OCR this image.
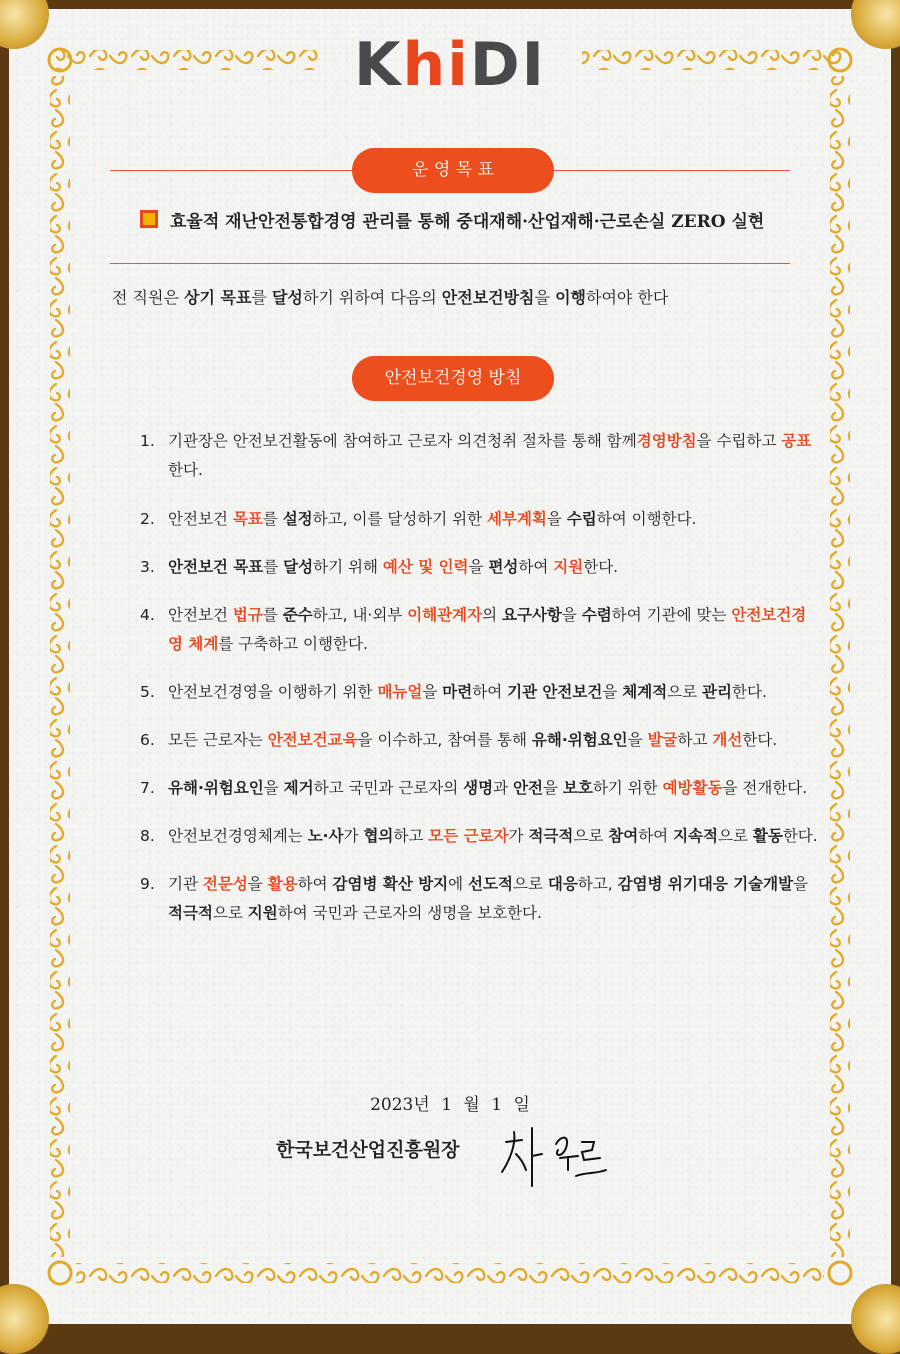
KhiDI
운 영 목 표
효율적 재난안전통합경영 관리를 통해 중대재해·산업재해·근로손실 ZERO 실현
전 직원은 상기 목표를 달성하기 위하여 다음의 안전보건방침을 이행하여야 한다
안전보건경영 방침
1. 기관장은 안전보건활동에 참여하고 근로자 의견청취 절차를 통해 함께경영방침을 수립하고 공표한다.
2. 안전보건 목표를 설정하고, 이를 달성하기 위한 세부계획을 수립하여 이행한다.
3. 안전보건 목표를 달성하기 위해 예산 및 인력을 편성하여 지원한다.
4. 안전보건 법규를 준수하고, 내·외부 이해관계자의 요구사항을 수렴하여 기관에 맞는 안전보건경영 체계를 구축하고 이행한다.
5. 안전보건경영을 이행하기 위한 매뉴얼을 마련하여 기관 안전보건을 체계적으로 관리한다.
6. 모든 근로자는 안전보건교육을 이수하고, 참여를 통해 유해·위험요인을 발굴하고 개선한다.
7. 유해·위험요인을 제거하고 국민과 근로자의 생명과 안전을 보호하기 위한 예방활동을 전개한다.
8. 안전보건경영체계는 노·사가 협의하고 모든 근로자가 적극적으로 참여하여 지속적으로 활동한다.
9. 기관 전문성을 활용하여 감염병 확산 방지에 선도적으로 대응하고, 감염병 위기대응 기술개발을 적극적으로 지원하여 국민과 근로자의 생명을 보호한다.
2023년 1 월 1 일
한국보건산업진흥원장
